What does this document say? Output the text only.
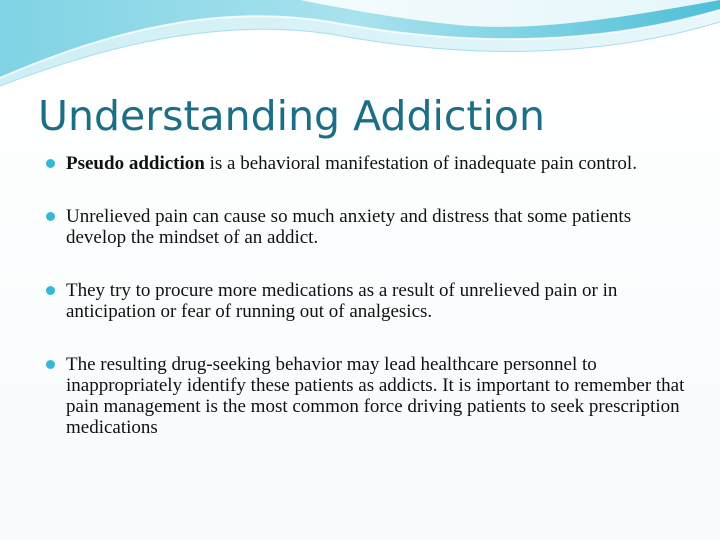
Understanding Addiction
Pseudo addiction is a behavioral manifestation of inadequate pain control.
Unrelieved pain can cause so much anxiety and distress that some patients develop the mindset of an addict.
They try to procure more medications as a result of unrelieved pain or in anticipation or fear of running out of analgesics.
The resulting drug-seeking behavior may lead healthcare personnel to inappropriately identify these patients as addicts. It is important to remember that pain management is the most common force driving patients to seek prescription medications
